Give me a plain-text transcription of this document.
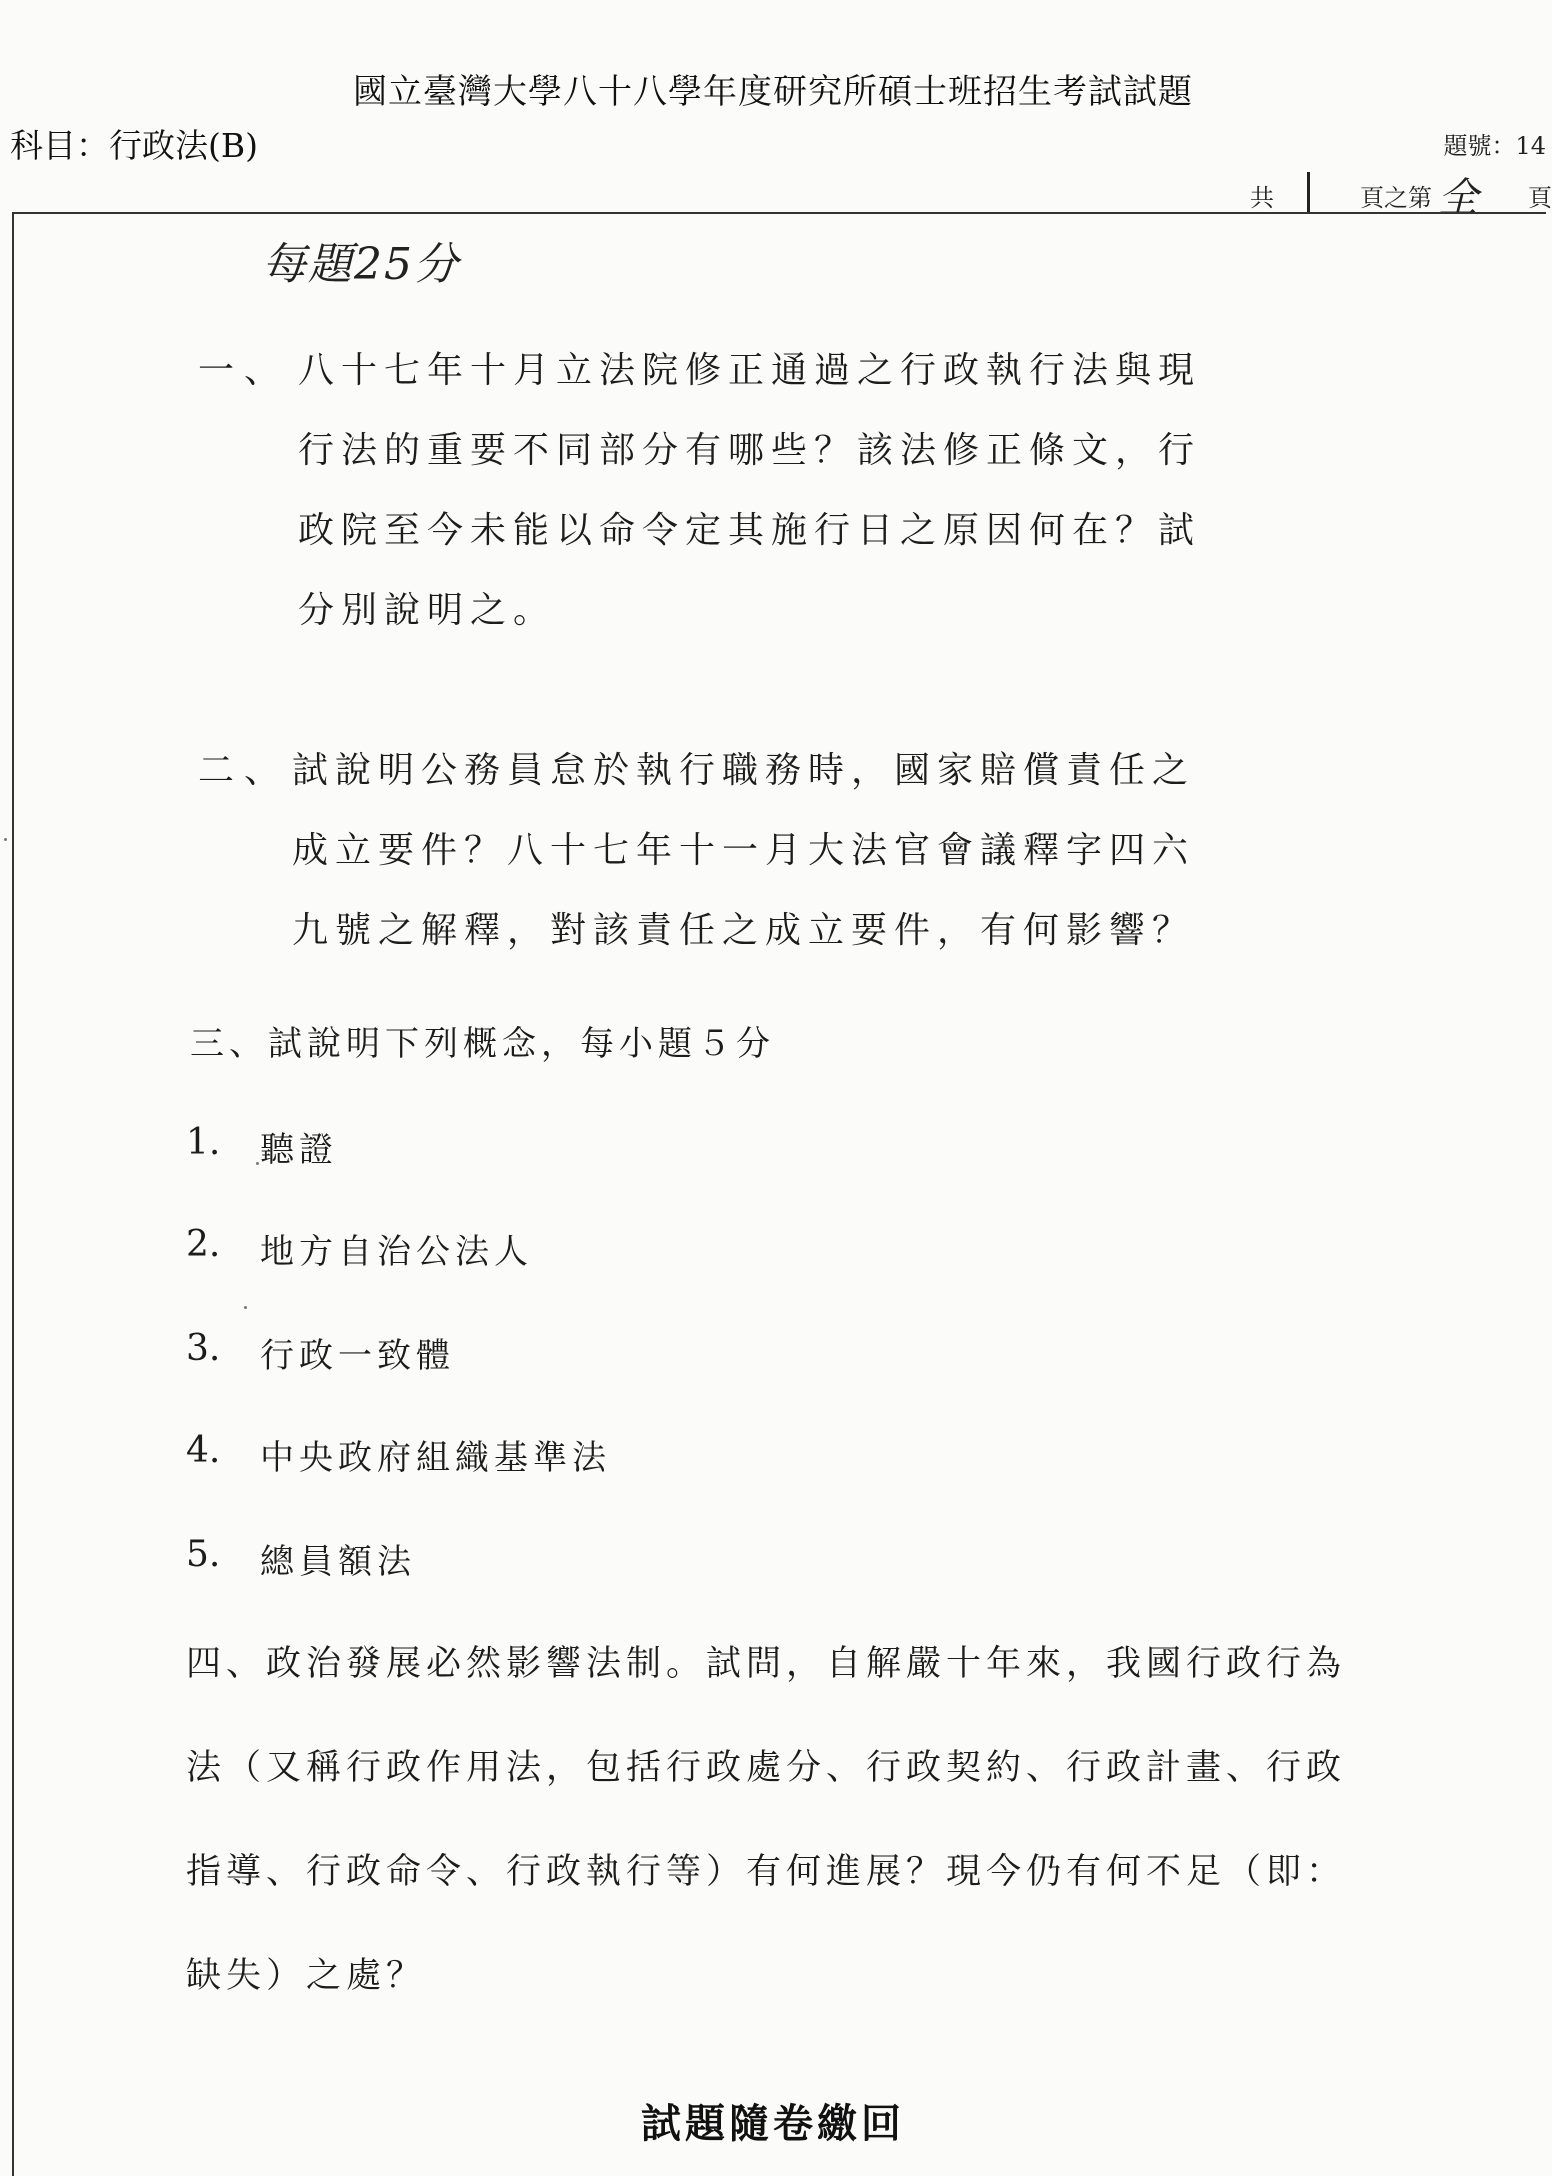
國立臺灣大學八十八學年度研究所碩士班招生考試試題
科目：行政法(B)	題號：14
共	頁之第 全 頁
每題25分
一、 八十七年十月立法院修正通過之行政執行法與現
行法的重要不同部分有哪些？該法修正條文，行
政院至今未能以命令定其施行日之原因何在？試
分別說明之。
二、 試說明公務員怠於執行職務時，國家賠償責任之
成立要件？八十七年十一月大法官會議釋字四六
九號之解釋，對該責任之成立要件，有何影響？
三、試說明下列概念，每小題５分
1. 聽證
2. 地方自治公法人
3. 行政一致體
4. 中央政府組織基準法
5. 總員額法
四、政治發展必然影響法制。試問，自解嚴十年來，我國行政行為
法（又稱行政作用法，包括行政處分、行政契約、行政計畫、行政
指導、行政命令、行政執行等）有何進展？現今仍有何不足（即：
缺失）之處？
試題隨卷繳回
